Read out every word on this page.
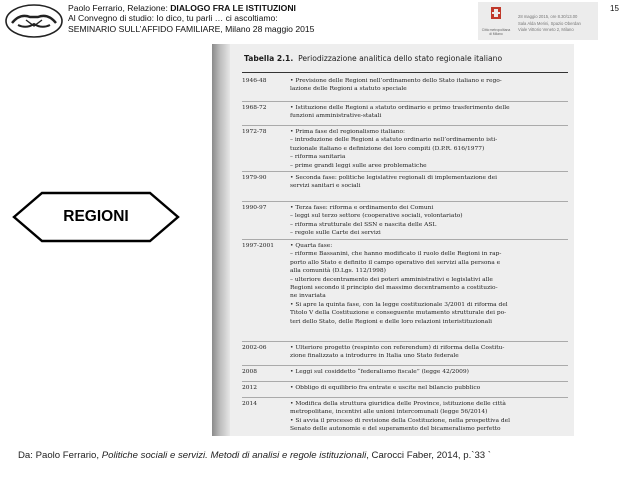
Paolo Ferrario, Relazione: DIALOGO FRA LE ISTITUZIONI
Al Convegno di studio: Io dico, tu parli … ci ascoltiamo:
SEMINARIO SULL’AFFIDO FAMILIARE, Milano 28 maggio 2015	Città metropolitana di Milano
28 maggio 2015, ore 8.30/13.00
Sala Alda Merini, Spazio Oberdan
Viale Vittorio Veneto 2, Milano
15
REGIONI
Tabella 2.1. Periodizzazione analitica dello stato regionale italiano
1946-48	• Previsione delle Regioni nell’ordinamento dello Stato italiano e rego-
lazione delle Regioni a statuto speciale
1968-72	• Istituzione delle Regioni a statuto ordinario e primo trasferimento delle
funzioni amministrative-statali
1972-78	• Prima fase del regionalismo italiano:
– introduzione delle Regioni a statuto ordinario nell’ordinamento isti-
tuzionale italiano e definizione dei loro compiti (D.P.R. 616/1977)
– riforma sanitaria
– prime grandi leggi sulle aree problematiche
1979-90	• Seconda fase: politiche legislative regionali di implementazione dei
servizi sanitari e sociali
1990-97	• Terza fase: riforma e ordinamento dei Comuni
– leggi sul terzo settore (cooperative sociali, volontariato)
– riforma strutturale del SSN e nascita delle ASL
– regole sulle Carte dei servizi
1997-2001	• Quarta fase:
– riforme Bassanini, che hanno modificato il ruolo delle Regioni in rap-
porto allo Stato e definito il campo operativo dei servizi alla persona e
alla comunità (D.Lgs. 112/1998)
– ulteriore decentramento dei poteri amministrativi e legislativi alle
Regioni secondo il principio del massimo decentramento a costituzio-
ne invariata
• Si apre la quinta fase, con la legge costituzionale 3/2001 di riforma del
Titolo V della Costituzione e conseguente mutamento strutturale dei po-
teri dello Stato, delle Regioni e delle loro relazioni interistituzionali
2002-06	• Ulteriore progetto (respinto con referendum) di riforma della Costitu-
zione finalizzato a introdurre in Italia uno Stato federale
2008	• Leggi sul cosiddetto “federalismo fiscale” (legge 42/2009)
2012	• Obbligo di equilibrio fra entrate e uscite nel bilancio pubblico
2014	• Modifica della struttura giuridica delle Province, istituzione delle città
metropolitane, incentivi alle unioni intercomunali (legge 56/2014)
• Si avvia il processo di revisione della Costituzione, nella prospettiva del
Senato delle autonomie e del superamento del bicameralismo perfetto
Da: Paolo Ferrario, Politiche sociali e servizi. Metodi di analisi e regole istituzionali, Carocci Faber, 2014, p.`33 `
